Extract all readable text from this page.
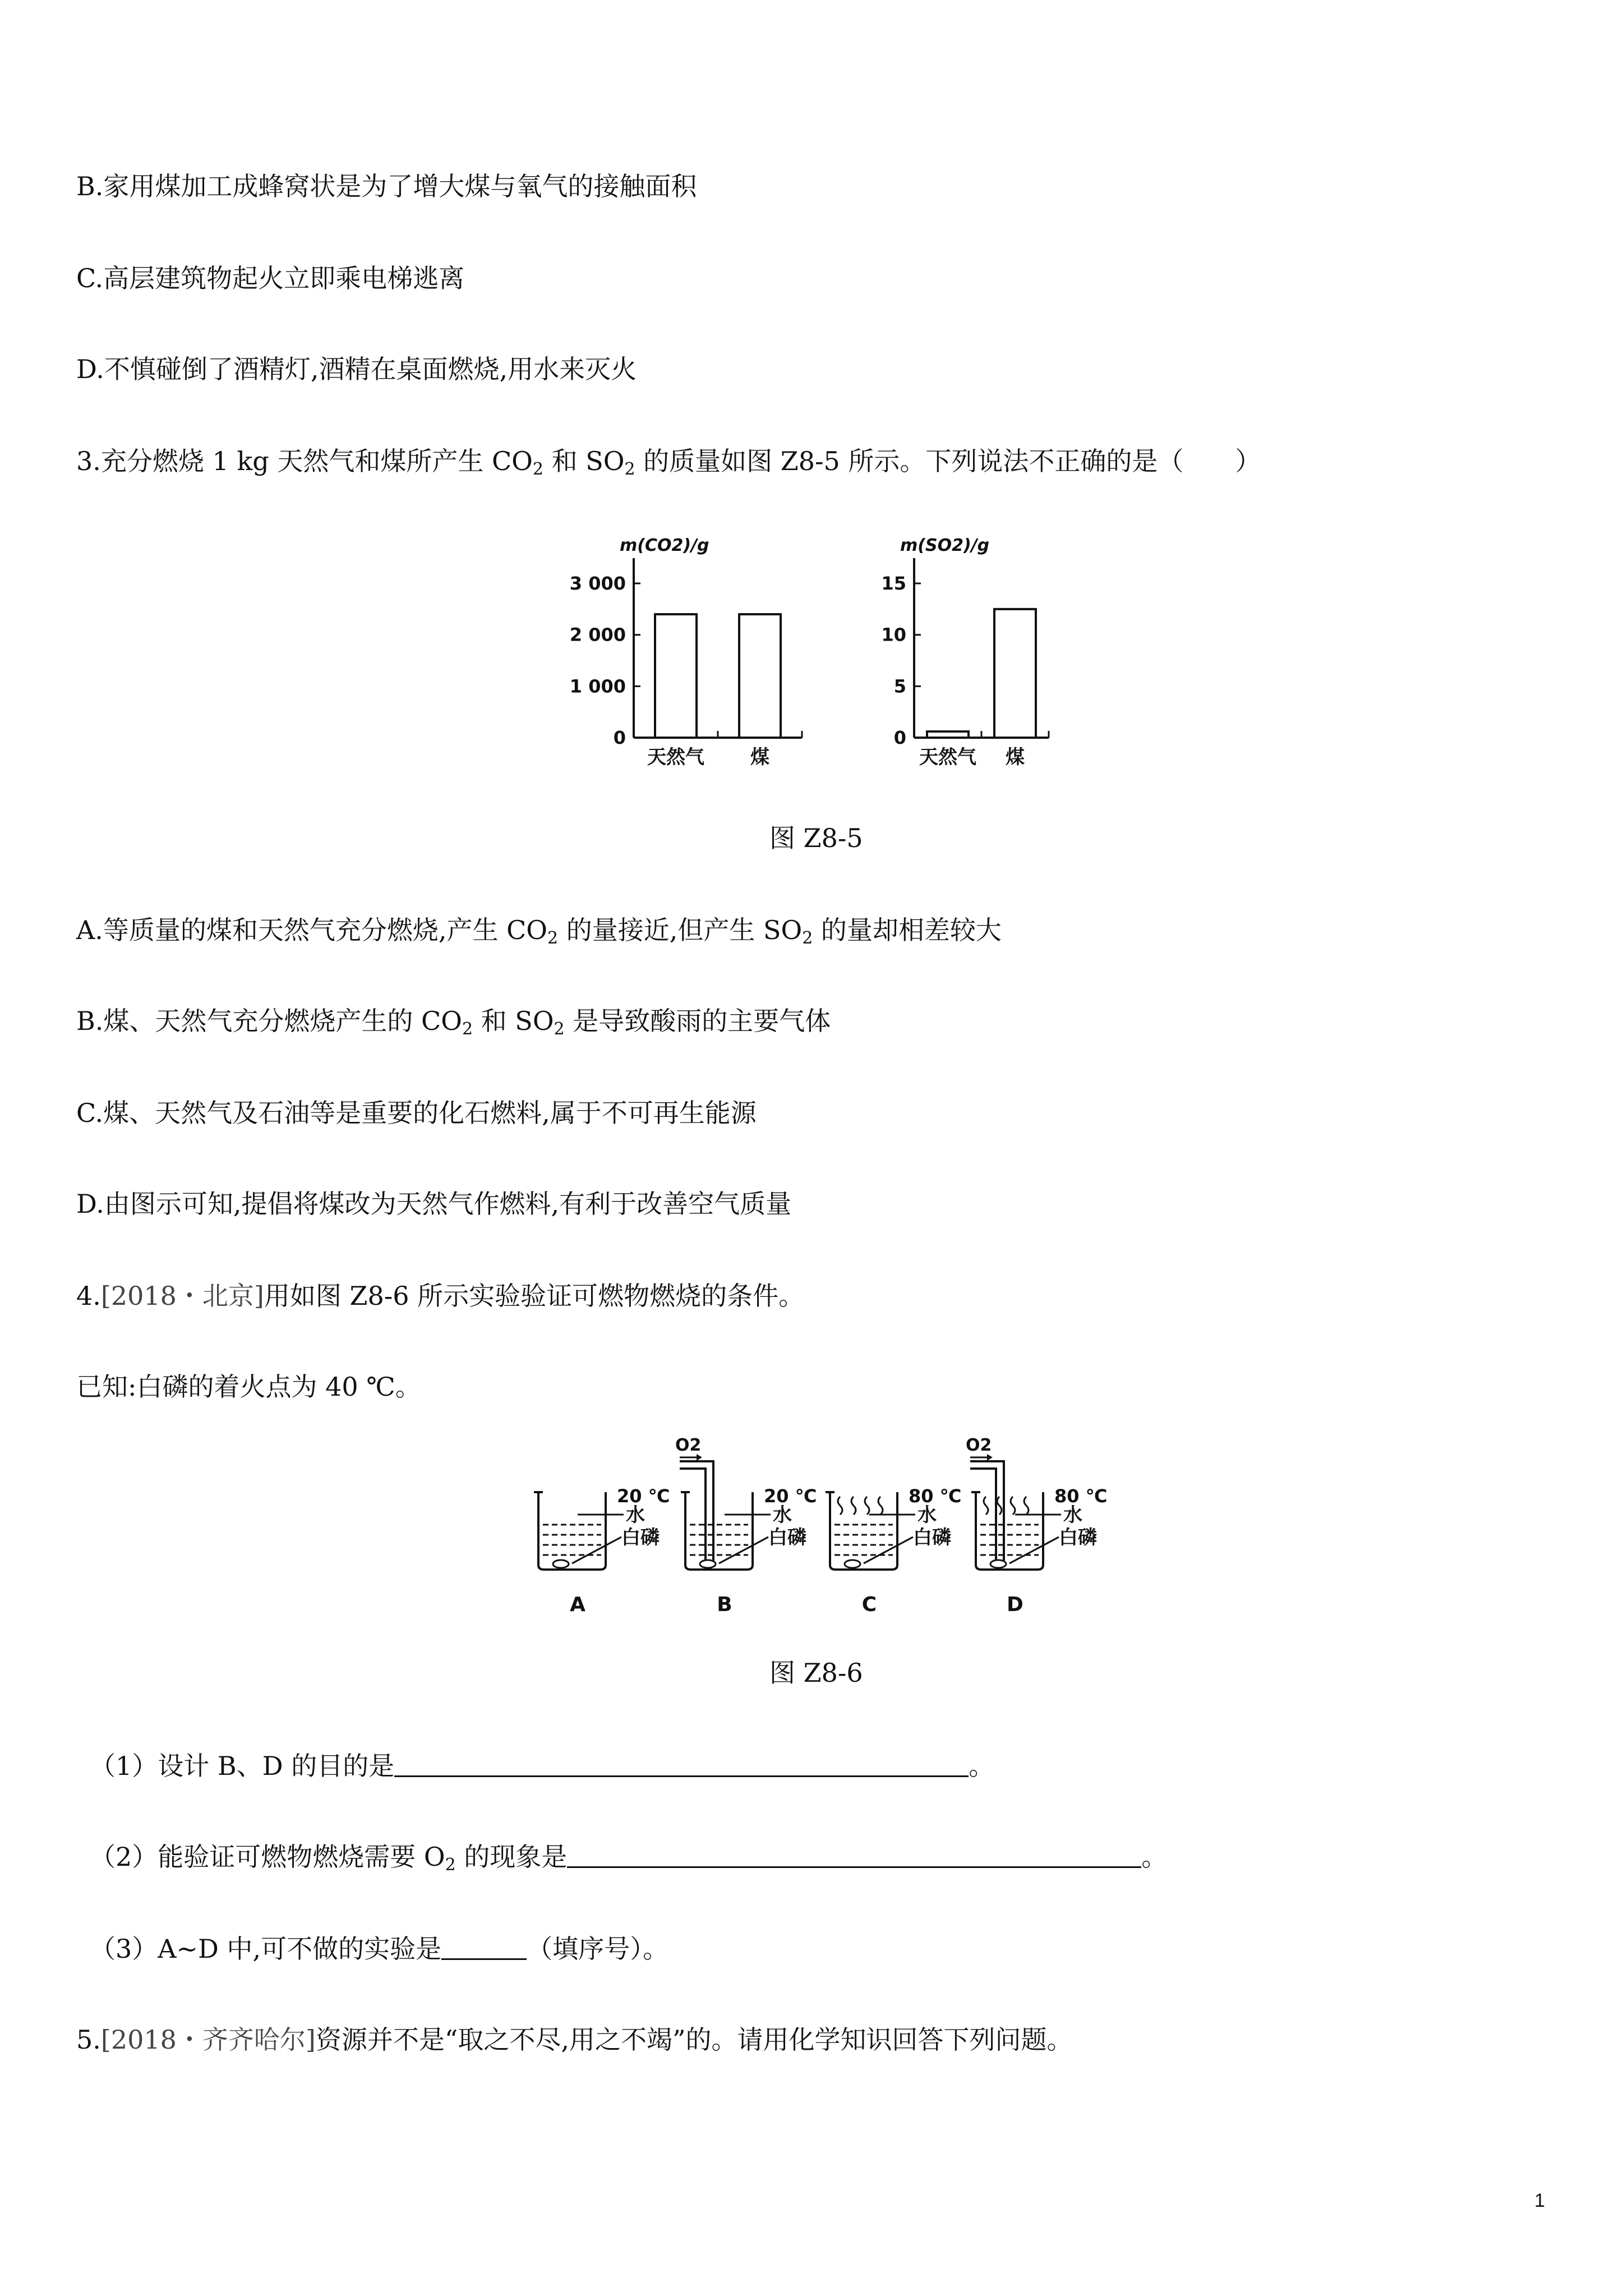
B.家用煤加工成蜂窝状是为了增大煤与氧气的接触面积
C.高层建筑物起火立即乘电梯逃离
D.不慎碰倒了酒精灯,酒精在桌面燃烧,用水来灭火
3.充分燃烧 1 kg 天然气和煤所产生 $CO_2$ 和 $SO_2$ 的质量如图 Z8-5 所示。下列说法不正确的是（　　）
m(CO2)/g
0
1 000
2 000
3 000
天然气 煤
m(SO2)/g
0
5
10
15
天然气 煤
图 Z8-5
A.等质量的煤和天然气充分燃烧,产生 $CO_2$ 的量接近,但产生 $SO_2$ 的量却相差较大
B.煤、天然气充分燃烧产生的 $CO_2$ 和 $SO_2$ 是导致酸雨的主要气体
C.煤、天然气及石油等是重要的化石燃料,属于不可再生能源
D.由图示可知,提倡将煤改为天然气作燃料,有利于改善空气质量
4.[2018・北京]用如图 Z8-6 所示实验验证可燃物燃烧的条件。
已知:白磷的着火点为 40 ℃。
20 ℃
水
白磷
A
O2
20 ℃
水
白磷
B
80 ℃
水
白磷
C
O2
80 ℃
水
白磷
D
图 Z8-6
（1）设计 B、D 的目的是	。
（2）能验证可燃物燃烧需要 $O_2$ 的现象是	。
（3）A~D 中,可不做的实验是	（填序号）。
5.[2018・齐齐哈尔]资源并不是“取之不尽,用之不竭”的。请用化学知识回答下列问题。
1
